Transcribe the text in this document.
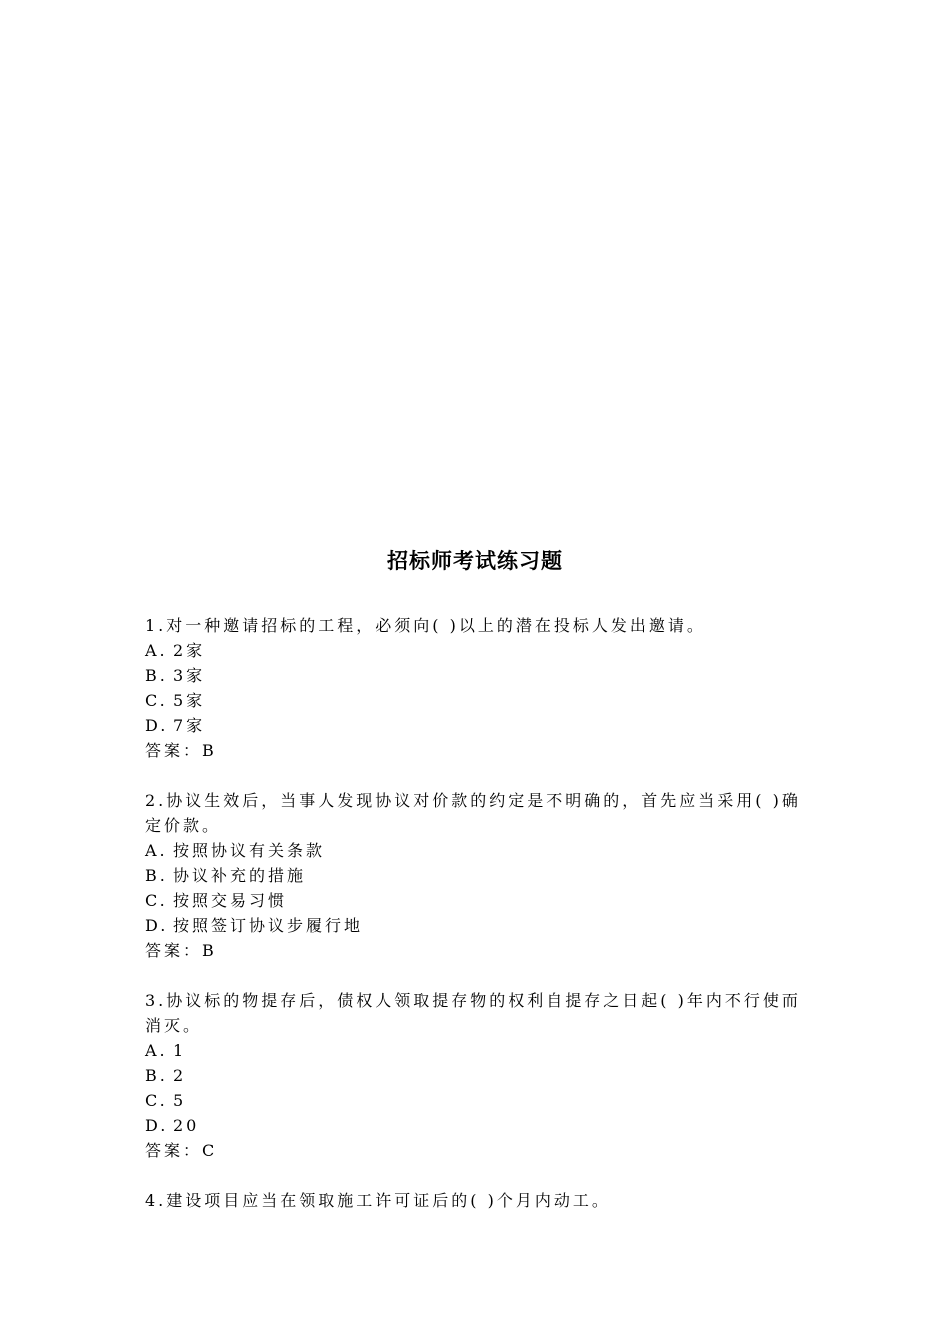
招标师考试练习题
1.对一种邀请招标的工程，必须向( )以上的潜在投标人发出邀请。
A. 2家
B. 3家
C. 5家
D. 7家
答案：B
2.协议生效后，当事人发现协议对价款的约定是不明确的，首先应当采用( )确定价款。
A. 按照协议有关条款
B. 协议补充的措施
C. 按照交易习惯
D. 按照签订协议步履行地
答案：B
3.协议标的物提存后，债权人领取提存物的权利自提存之日起( )年内不行使而消灭。
A. 1
B. 2
C. 5
D. 20
答案：C
4.建设项目应当在领取施工许可证后的( )个月内动工。
